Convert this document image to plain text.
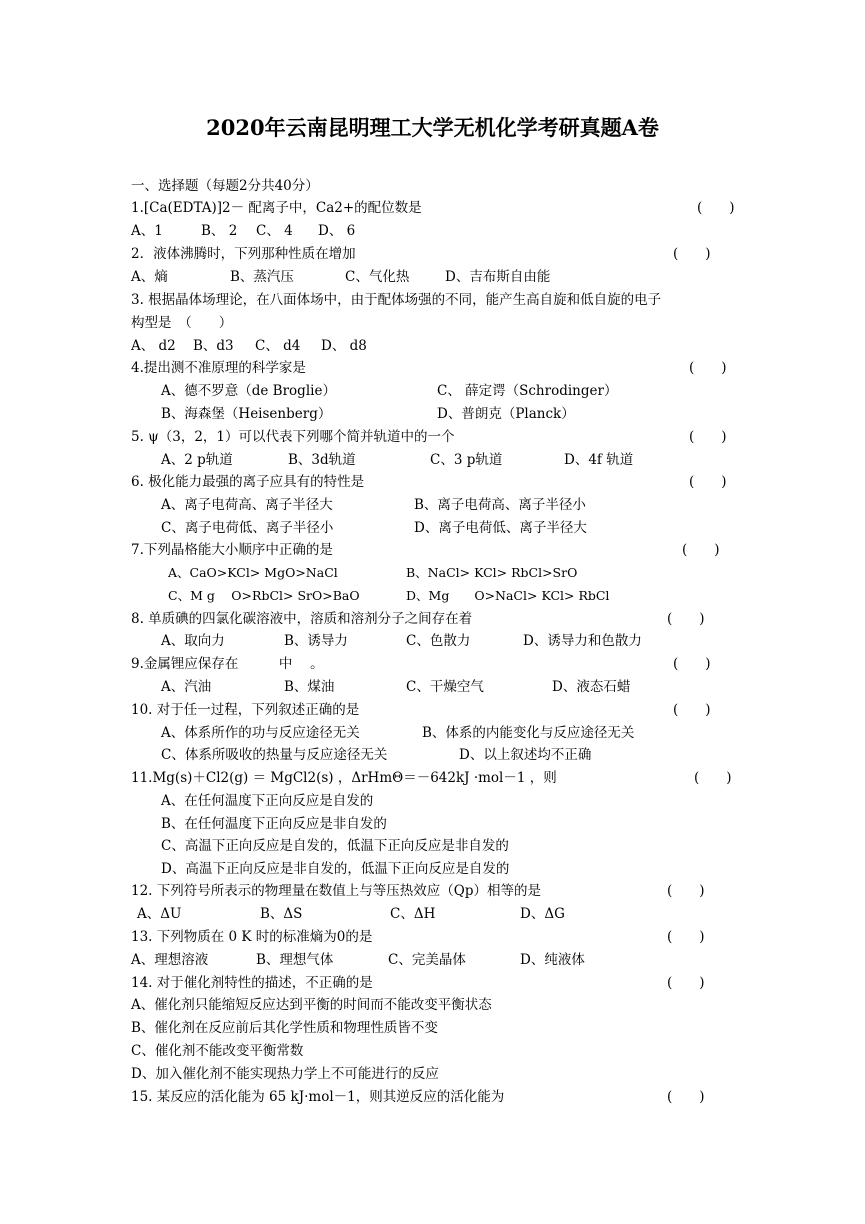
2020年云南昆明理工大学无机化学考研真题A卷
一、选择题（每题2分共40分）
1.[Ca(EDTA)]2－ 配离子中，Ca2+的配位数是	(　　)
A、1	B、 2 C、 4 D、 6
2．液体沸腾时，下列那种性质在增加	(　　)
A、熵	B、蒸汽压	C、气化热	D、吉布斯自由能
3. 根据晶体场理论，在八面体场中，由于配体场强的不同，能产生高自旋和低自旋的电子
构型是　（　　）
A、 d2 B、d3 C、 d4 D、 d8
4.提出测不准原理的科学家是	(　　)
A、德不罗意（de Broglie）	C、 薛定谔（Schrodinger）
B、海森堡（Heisenberg）	D、普朗克（Planck）
5. ψ（3，2，1）可以代表下列哪个简并轨道中的一个	(　　)
A、2 p轨道	B、3d轨道	C、3 p轨道	D、4f 轨道
6. 极化能力最强的离子应具有的特性是	(　　)
A、离子电荷高、离子半径大	B、离子电荷高、离子半径小
C、离子电荷低、离子半径小	D、离子电荷低、离子半径大
7.下列晶格能大小顺序中正确的是	(　　)
A、CaO>KCl> MgO>NaCl	B、NaCl> KCl> RbCl>SrO
C、M g　 O>RbCl> SrO>BaO	D、Mg　　O>NaCl> KCl> RbCl
8. 单质碘的四氯化碳溶液中，溶质和溶剂分子之间存在着	(　　)
A、取向力	B、诱导力	C、色散力	D、诱导力和色散力
9.金属锂应保存在　　　中　 。	(　　)
A、汽油	B、煤油	C、干燥空气	D、液态石蜡
10. 对于任一过程，下列叙述正确的是	(　　)
A、体系所作的功与反应途径无关	B、体系的内能变化与反应途径无关
C、体系所吸收的热量与反应途径无关	D、以上叙述均不正确
11.Mg(s)＋Cl2(g) ＝ MgCl2(s) ，ΔrHmΘ＝－642kJ ·mol－1 ，则	(　　)
A、在任何温度下正向反应是自发的
B、在任何温度下正向反应是非自发的
C、高温下正向反应是自发的，低温下正向反应是非自发的
D、高温下正向反应是非自发的，低温下正向反应是自发的
12. 下列符号所表示的物理量在数值上与等压热效应（Qp）相等的是	(　　)
A、ΔU	B、ΔS	C、ΔH	D、ΔG
13. 下列物质在 0 K 时的标准熵为0的是	(　　)
A、理想溶液	B、理想气体	C、完美晶体	D、纯液体
14. 对于催化剂特性的描述，不正确的是	(　　)
A、催化剂只能缩短反应达到平衡的时间而不能改变平衡状态
B、催化剂在反应前后其化学性质和物理性质皆不变
C、催化剂不能改变平衡常数
D、加入催化剂不能实现热力学上不可能进行的反应
15. 某反应的活化能为 65 kJ·mol－1，则其逆反应的活化能为	(　　)
